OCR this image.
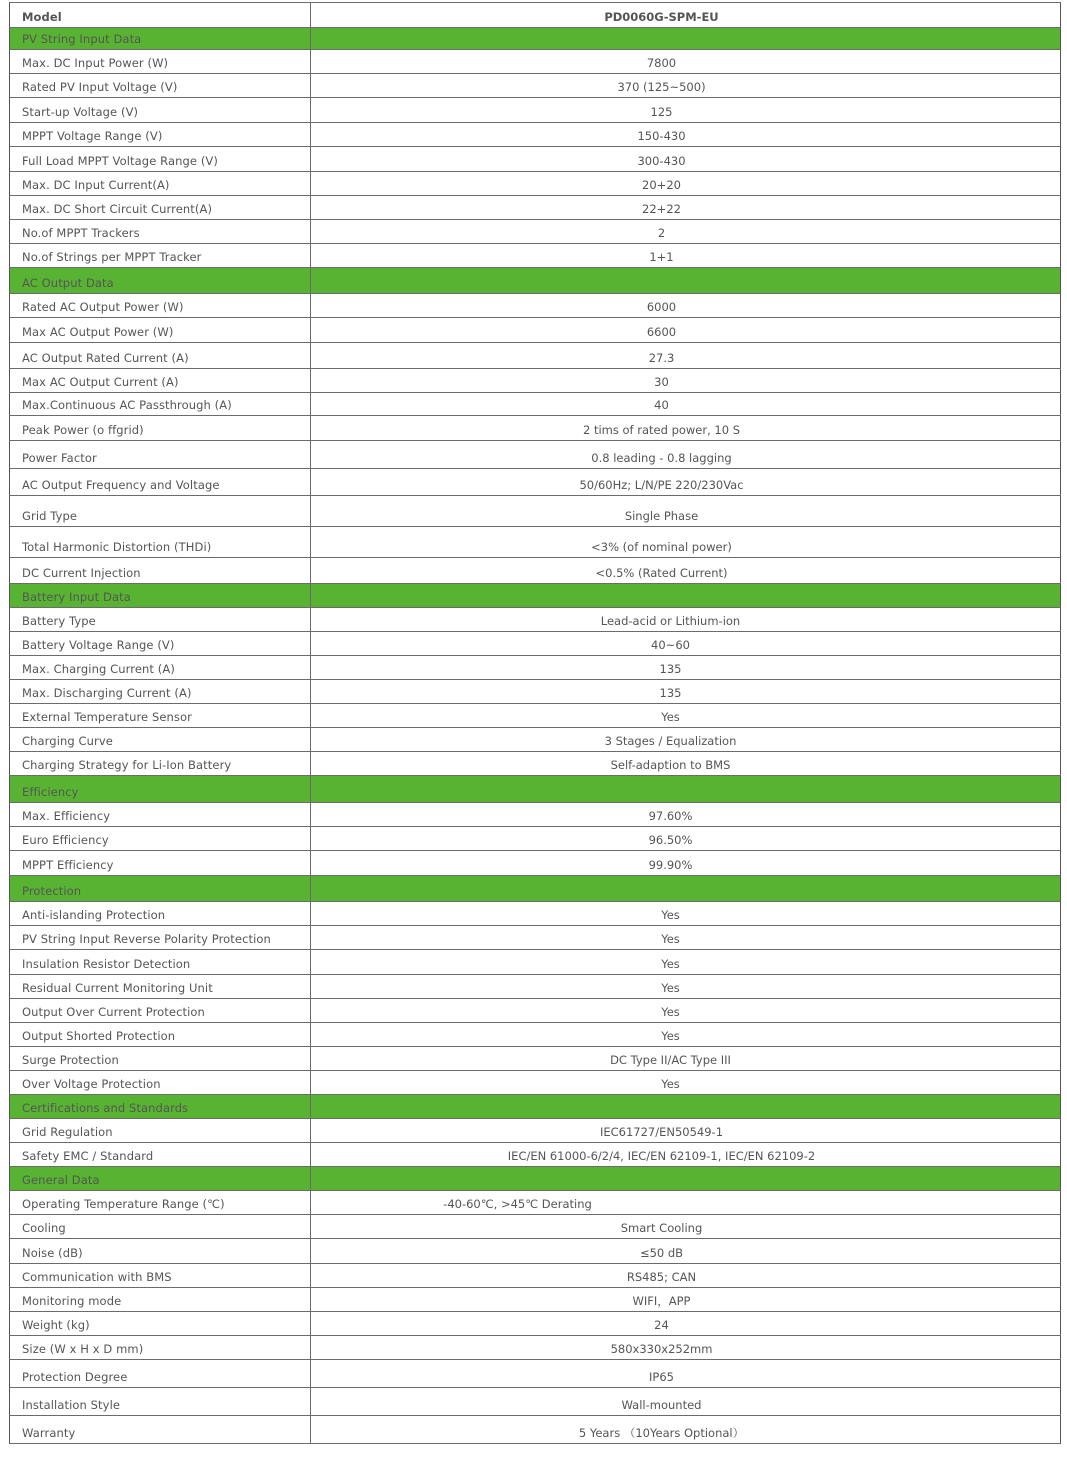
Model	PD0060G-SPM-EU
PV String Input Data	
Max. DC Input Power (W)	7800
Rated PV Input Voltage (V)	370 (125~500)
Start-up Voltage (V)	125
MPPT Voltage Range (V)	150-430
Full Load MPPT Voltage Range (V)	300-430
Max. DC Input Current(A)	20+20
Max. DC Short Circuit Current(A)	22+22
No.of MPPT Trackers	2
No.of Strings per MPPT Tracker	1+1
AC Output Data	
Rated AC Output Power (W)	6000
Max AC Output Power (W)	6600
AC Output Rated Current (A)	27.3
Max AC Output Current (A)	30
Max.Continuous AC Passthrough (A)	40
Peak Power (o ffgrid)	2 tims of rated power, 10 S
Power Factor	0.8 leading - 0.8 lagging
AC Output Frequency and Voltage	50/60Hz; L/N/PE 220/230Vac
Grid Type	Single Phase
Total Harmonic Distortion (THDi)	<3% (of nominal power)
DC Current Injection	<0.5% (Rated Current)
Battery Input Data	
Battery Type	Lead-acid or Lithium-ion
Battery Voltage Range (V)	40~60
Max. Charging Current (A)	135
Max. Discharging Current (A)	135
External Temperature Sensor	Yes
Charging Curve	3 Stages / Equalization
Charging Strategy for Li-Ion Battery	Self-adaption to BMS
Efficiency	
Max. Efficiency	97.60%
Euro Efficiency	96.50%
MPPT Efficiency	99.90%
Protection	
Anti-islanding Protection	Yes
PV String Input Reverse Polarity Protection	Yes
Insulation Resistor Detection	Yes
Residual Current Monitoring Unit	Yes
Output Over Current Protection	Yes
Output Shorted Protection	Yes
Surge Protection	DC Type II/AC Type III
Over Voltage Protection	Yes
Certifications and Standards	
Grid Regulation	IEC61727/EN50549-1
Safety EMC / Standard	IEC/EN 61000-6/2/4, IEC/EN 62109-1, IEC/EN 62109-2
General Data	
Operating Temperature Range (℃)	-40-60℃, >45℃ Derating
Cooling	Smart Cooling
Noise (dB)	≤50 dB
Communication with BMS	RS485; CAN
Monitoring mode	WIFI，APP
Weight (kg)	24
Size (W x H x D mm)	580x330x252mm
Protection Degree	IP65
Installation Style	Wall-mounted
Warranty	5 Years （10Years Optional）
